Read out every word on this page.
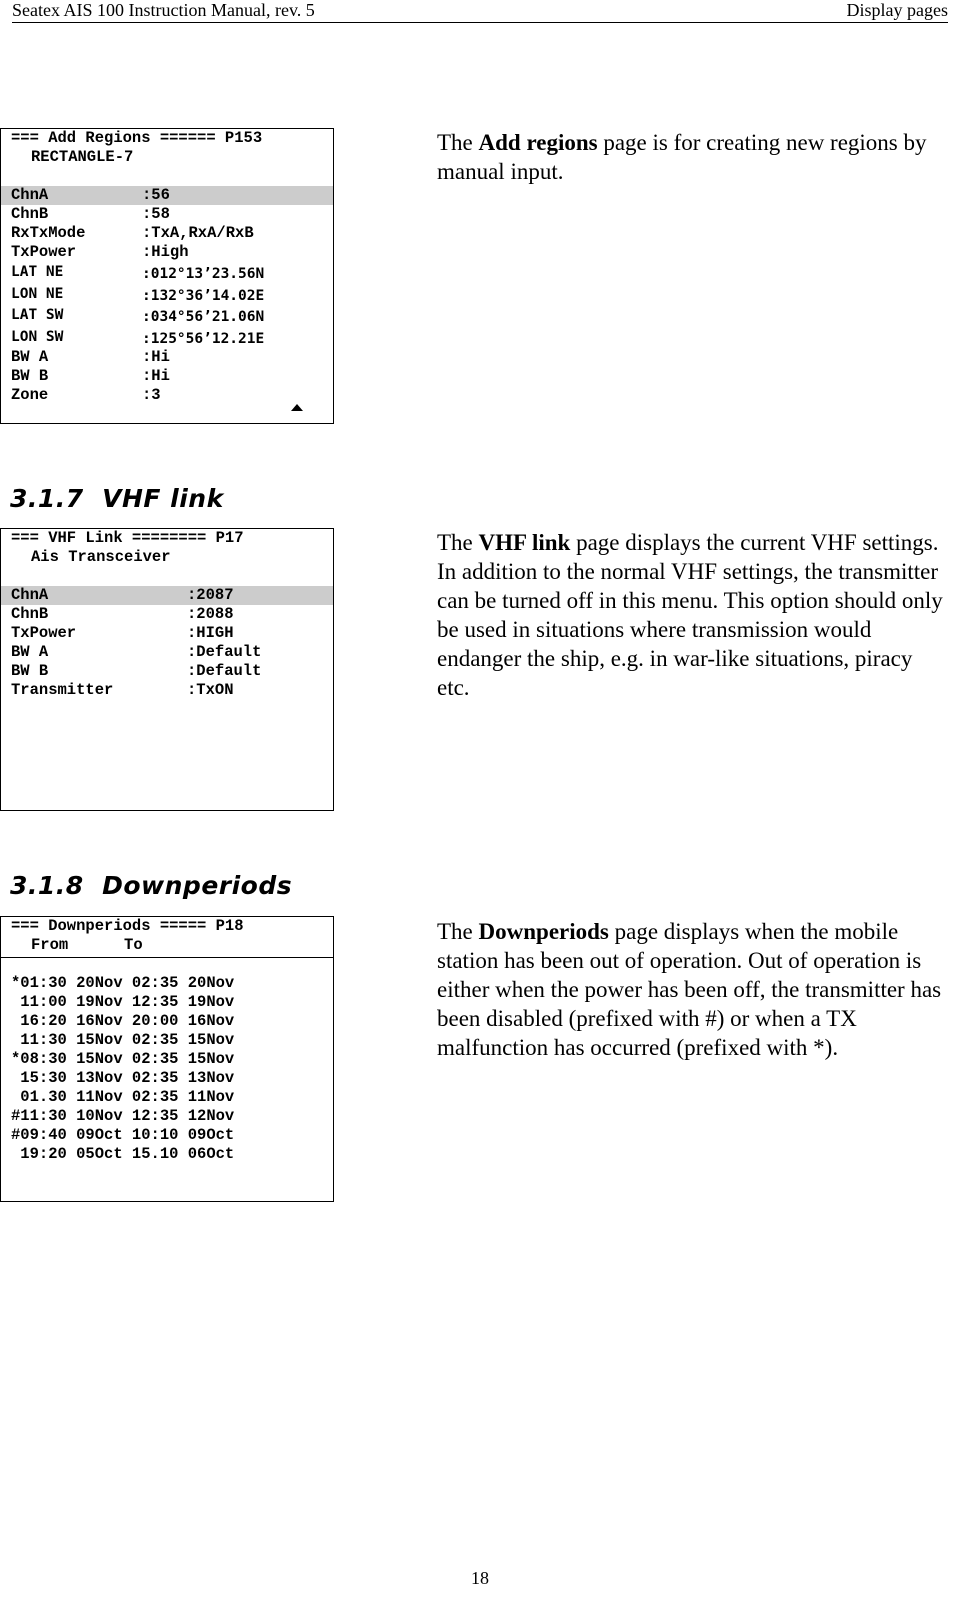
Seatex AIS 100 Instruction Manual, rev. 5	Display pages
=== Add Regions ====== P153
RECTANGLE-7
ChnA	:56
ChnB	:58
RxTxMode	:TxA,RxA/RxB
TxPower	:High
LAT NE	:012°13’23.56N
LON NE	:132°36’14.02E
LAT SW	:034°56’21.06N
LON SW	:125°56’12.21E
BW A	:Hi
BW B	:Hi
Zone	:3

The Add regions page is for creating new regions by manual input.

3.1.7 VHF link
=== VHF Link ======== P17
Ais Transceiver
ChnA	:2087
ChnB	:2088
TxPower	:HIGH
BW A	:Default
BW B	:Default
Transmitter	:TxON

The VHF link page displays the current VHF settings. In addition to the normal VHF settings, the transmitter can be turned off in this menu. This option should only be used in situations where transmission would endanger the ship, e.g. in war-like situations, piracy etc.

3.1.8 Downperiods
=== Downperiods ===== P18
From      To
*01:30 20Nov 02:35 20Nov
11:00 19Nov 12:35 19Nov
16:20 16Nov 20:00 16Nov
11:30 15Nov 02:35 15Nov
*08:30 15Nov 02:35 15Nov
15:30 13Nov 02:35 13Nov
01.30 11Nov 02:35 11Nov
#11:30 10Nov 12:35 12Nov
#09:40 09Oct 10:10 09Oct
19:20 05Oct 15.10 06Oct

The Downperiods page displays when the mobile station has been out of operation. Out of operation is either when the power has been off, the transmitter has been disabled (prefixed with #) or when a TX malfunction has occurred (prefixed with *).

18
